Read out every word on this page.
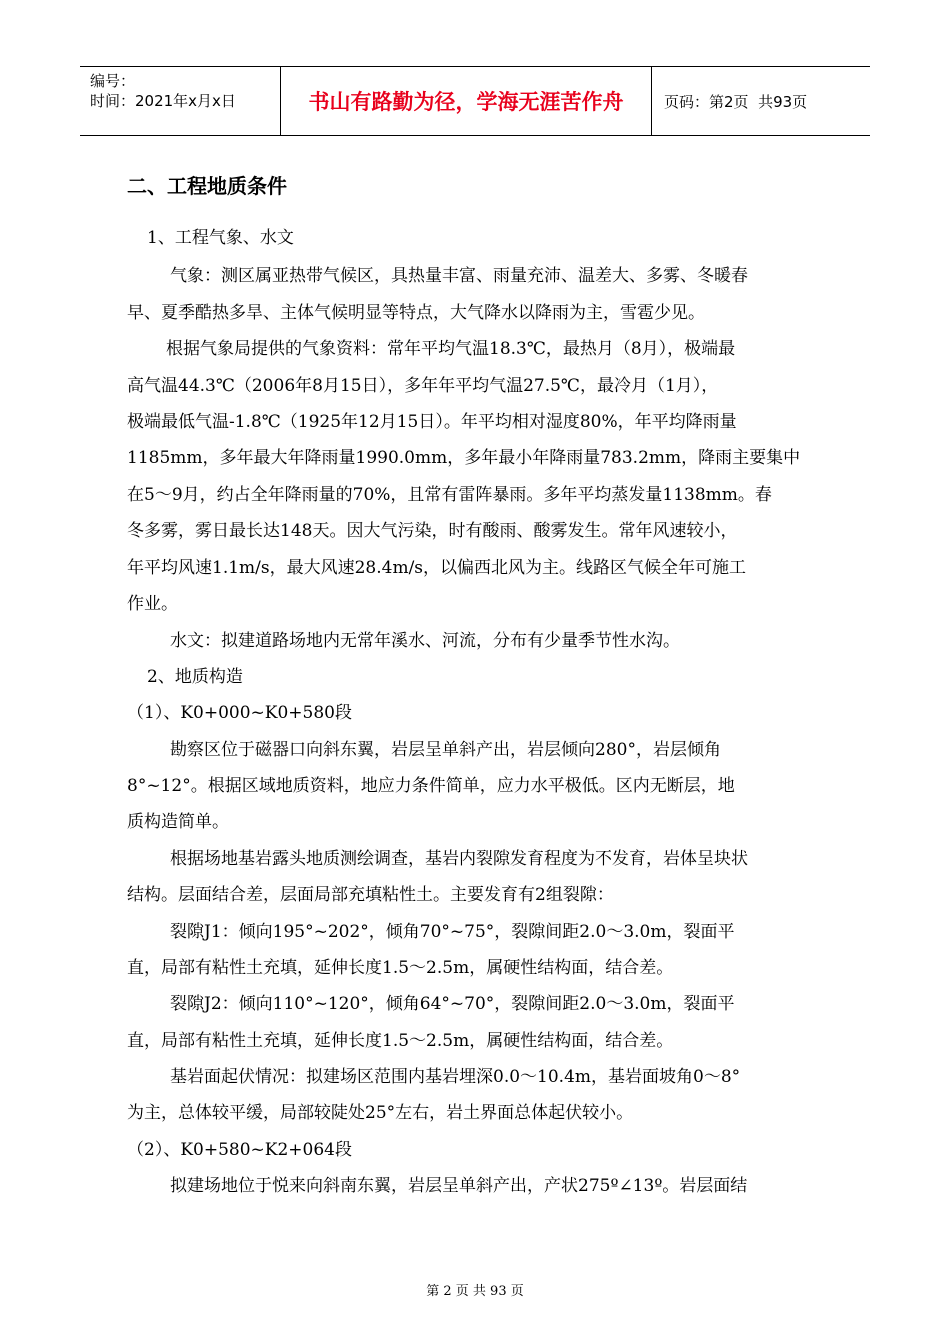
编号：
时间：2021年x月x日	书山有路勤为径，学海无涯苦作舟	页码：第2页  共93页
二、工程地质条件
1、工程气象、水文
气象：测区属亚热带气候区，具热量丰富、雨量充沛、温差大、多雾、冬暖春
早、夏季酷热多旱、主体气候明显等特点，大气降水以降雨为主，雪雹少见。
根据气象局提供的气象资料：常年平均气温18.3℃，最热月（8月），极端最
高气温44.3℃（2006年8月15日），多年年平均气温27.5℃，最冷月（1月），
极端最低气温-1.8℃（1925年12月15日）。年平均相对湿度80%，年平均降雨量
1185mm，多年最大年降雨量1990.0mm，多年最小年降雨量783.2mm，降雨主要集中
在5～9月，约占全年降雨量的70%，且常有雷阵暴雨。多年平均蒸发量1138mm。春
冬多雾，雾日最长达148天。因大气污染，时有酸雨、酸雾发生。常年风速较小，
年平均风速1.1m/s，最大风速28.4m/s，以偏西北风为主。线路区气候全年可施工
作业。
水文：拟建道路场地内无常年溪水、河流，分布有少量季节性水沟。
2、地质构造
（1）、K0+000~K0+580段
勘察区位于磁器口向斜东翼，岩层呈单斜产出，岩层倾向280°，岩层倾角
8°~12°。根据区域地质资料，地应力条件简单，应力水平极低。区内无断层，地
质构造简单。
根据场地基岩露头地质测绘调查，基岩内裂隙发育程度为不发育，岩体呈块状
结构。层面结合差，层面局部充填粘性土。主要发育有2组裂隙：
裂隙J1：倾向195°~202°，倾角70°~75°，裂隙间距2.0～3.0m，裂面平
直，局部有粘性土充填，延伸长度1.5～2.5m，属硬性结构面，结合差。
裂隙J2：倾向110°~120°，倾角64°~70°，裂隙间距2.0～3.0m，裂面平
直，局部有粘性土充填，延伸长度1.5～2.5m，属硬性结构面，结合差。
基岩面起伏情况：拟建场区范围内基岩埋深0.0～10.4m，基岩面坡角0～8°
为主，总体较平缓，局部较陡处25°左右，岩土界面总体起伏较小。
（2）、K0+580~K2+064段
拟建场地位于悦来向斜南东翼，岩层呈单斜产出，产状275º∠13º。岩层面结
第 2 页 共 93 页
